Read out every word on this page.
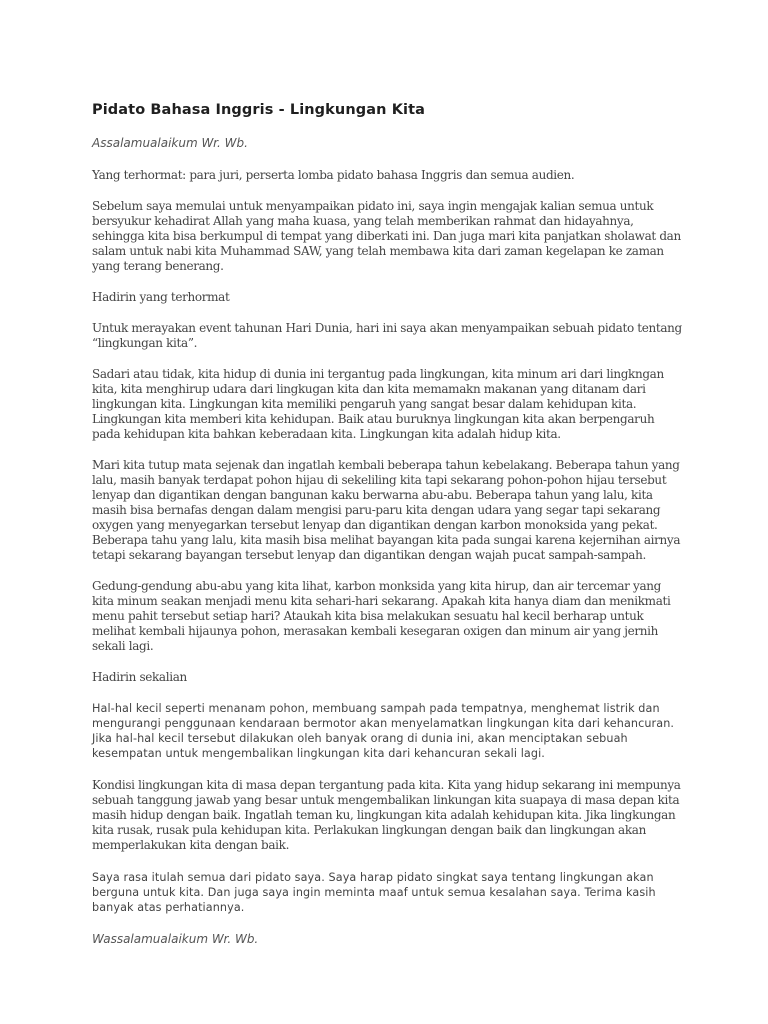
Pidato Bahasa Inggris - Lingkungan Kita

Assalamualaikum Wr. Wb.

Yang terhormat: para juri, perserta lomba pidato bahasa Inggris dan semua audien.

Sebelum saya memulai untuk menyampaikan pidato ini, saya ingin mengajak kalian semua untuk bersyukur kehadirat Allah yang maha kuasa, yang telah memberikan rahmat dan hidayahnya, sehingga kita bisa berkumpul di tempat yang diberkati ini. Dan juga mari kita panjatkan sholawat dan salam untuk nabi kita Muhammad SAW, yang telah membawa kita dari zaman kegelapan ke zaman yang terang benerang.

Hadirin yang terhormat

Untuk merayakan event tahunan Hari Dunia, hari ini saya akan menyampaikan sebuah pidato tentang “lingkungan kita”.

Sadari atau tidak, kita hidup di dunia ini tergantug pada lingkungan, kita minum ari dari lingkngan kita, kita menghirup udara dari lingkugan kita dan kita memamakn makanan yang ditanam dari lingkungan kita. Lingkungan kita memiliki pengaruh yang sangat besar dalam kehidupan kita. Lingkungan kita memberi kita kehidupan. Baik atau buruknya lingkungan kita akan berpengaruh pada kehidupan kita bahkan keberadaan kita. Lingkungan kita adalah hidup kita.

Mari kita tutup mata sejenak dan ingatlah kembali beberapa tahun kebelakang. Beberapa tahun yang lalu, masih banyak terdapat pohon hijau di sekeliling kita tapi sekarang pohon-pohon hijau tersebut lenyap dan digantikan dengan bangunan kaku berwarna abu-abu. Beberapa tahun yang lalu, kita masih bisa bernafas dengan dalam mengisi paru-paru kita dengan udara yang segar tapi sekarang oxygen yang menyegarkan tersebut lenyap dan digantikan dengan karbon monoksida yang pekat. Beberapa tahu yang lalu, kita masih bisa melihat bayangan kita pada sungai karena kejernihan airnya tetapi sekarang bayangan tersebut lenyap dan digantikan dengan wajah pucat sampah-sampah.

Gedung-gendung abu-abu yang kita lihat, karbon monksida yang kita hirup, dan air tercemar yang kita minum seakan menjadi menu kita sehari-hari sekarang. Apakah kita hanya diam dan menikmati menu pahit tersebut setiap hari? Ataukah kita bisa melakukan sesuatu hal kecil berharap untuk melihat kembali hijaunya pohon, merasakan kembali kesegaran oxigen dan minum air yang jernih sekali lagi.

Hadirin sekalian

Hal-hal kecil seperti menanam pohon, membuang sampah pada tempatnya, menghemat listrik dan mengurangi penggunaan kendaraan bermotor akan menyelamatkan lingkungan kita dari kehancuran. Jika hal-hal kecil tersebut dilakukan oleh banyak orang di dunia ini, akan menciptakan sebuah kesempatan untuk mengembalikan lingkungan kita dari kehancuran sekali lagi.

Kondisi lingkungan kita di masa depan tergantung pada kita. Kita yang hidup sekarang ini mempunya sebuah tanggung jawab yang besar untuk mengembalikan linkungan kita suapaya di masa depan kita masih hidup dengan baik. Ingatlah teman ku, lingkungan kita adalah kehidupan kita. Jika lingkungan kita rusak, rusak pula kehidupan kita. Perlakukan lingkungan dengan baik dan lingkungan akan memperlakukan kita dengan baik.

Saya rasa itulah semua dari pidato saya. Saya harap pidato singkat saya tentang lingkungan akan berguna untuk kita. Dan juga saya ingin meminta maaf untuk semua kesalahan saya. Terima kasih banyak atas perhatiannya.

Wassalamualaikum Wr. Wb.
